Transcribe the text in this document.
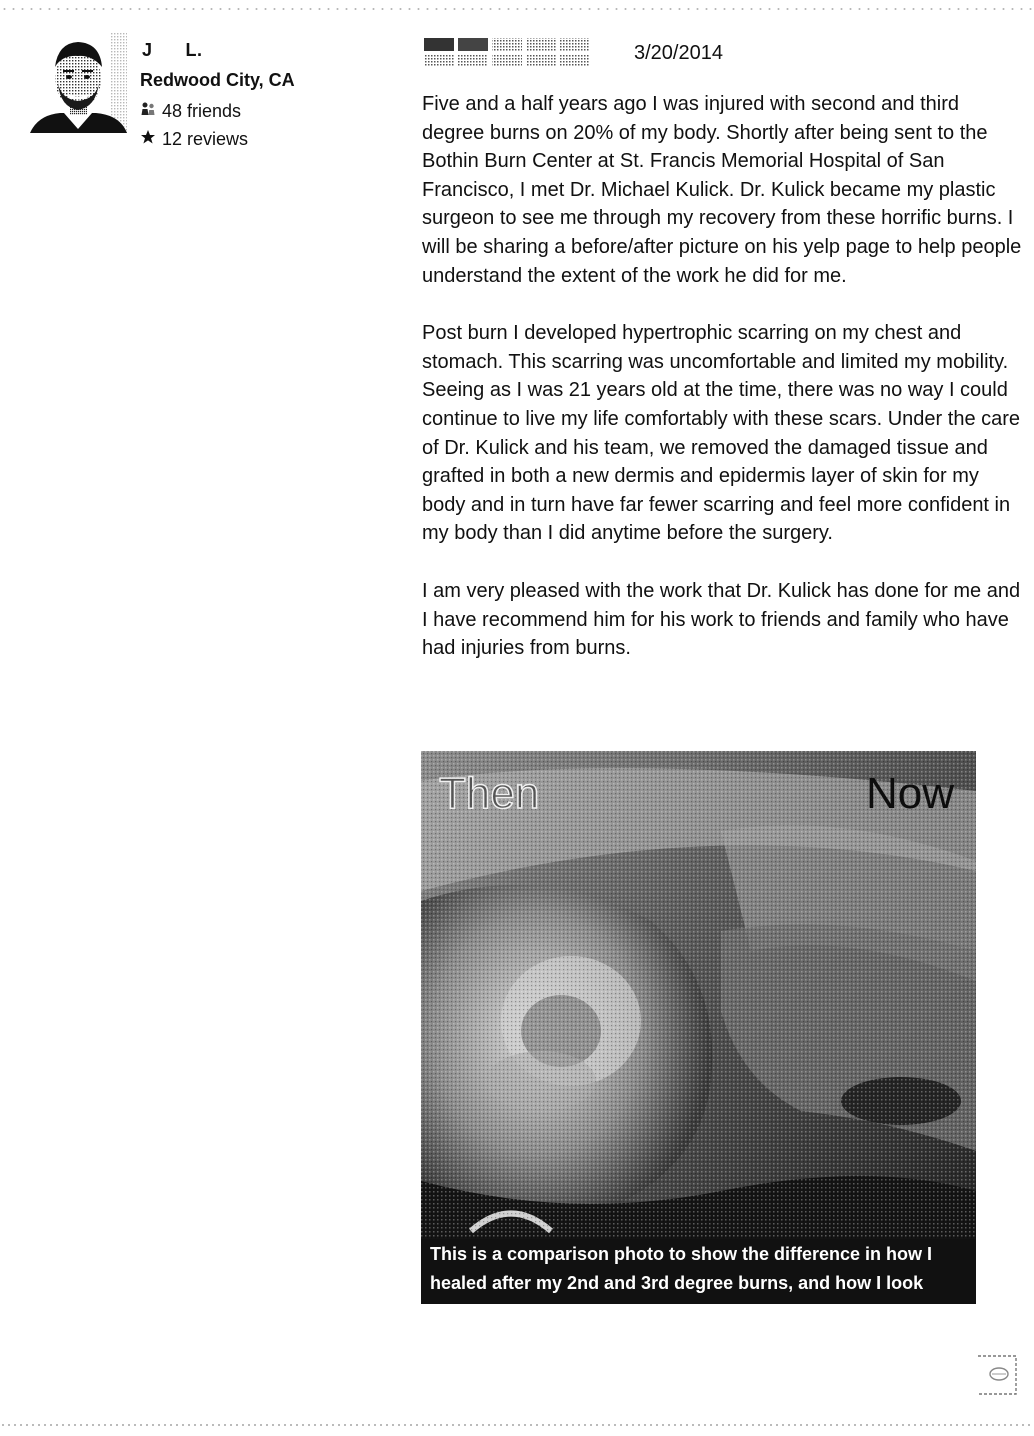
J      L.
Redwood City, CA
48 friends
12 reviews
3/20/2014

Five and a half years ago I was injured with second and third degree burns on 20% of my body. Shortly after being sent to the Bothin Burn Center at St. Francis Memorial Hospital of San Francisco, I met Dr. Michael Kulick. Dr. Kulick became my plastic surgeon to see me through my recovery from these horrific burns. I will be sharing a before/after picture on his yelp page to help people understand the extent of the work he did for me.

Post burn I developed hypertrophic scarring on my chest and stomach. This scarring was uncomfortable and limited my mobility. Seeing as I was 21 years old at the time, there was no way I could continue to live my life comfortably with these scars. Under the care of Dr. Kulick and his team, we removed the damaged tissue and grafted in both a new dermis and epidermis layer of skin for my body and in turn have far fewer scarring and feel more confident in my body than I did anytime before the surgery.

I am very pleased with the work that Dr. Kulick has done for me and I have recommend him for his work to friends and family who have had injuries from burns.

Then	Now
This is a comparison photo to show the difference in how I healed after my 2nd and 3rd degree burns, and how I look
